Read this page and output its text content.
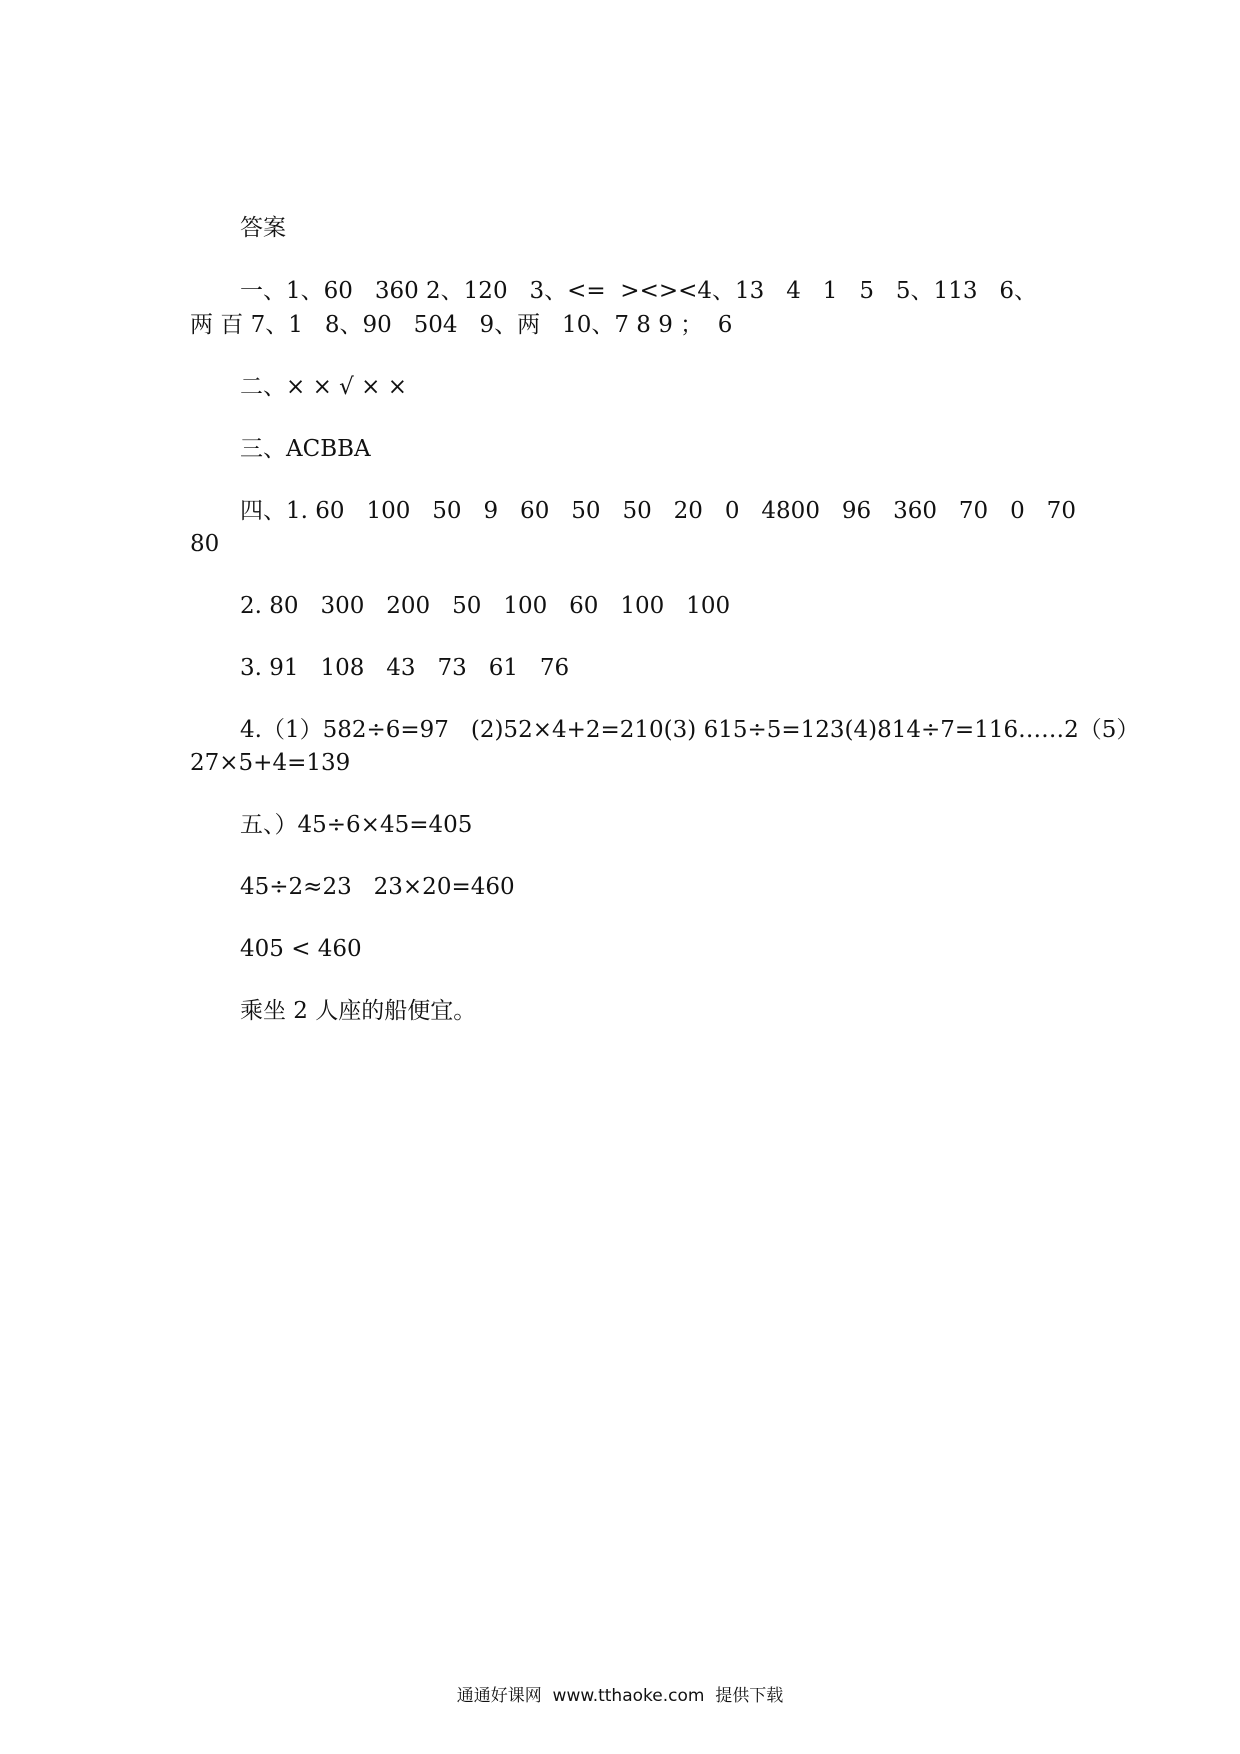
答案
一、1、60   360 2、120   3、<=  ><><4、13   4   1   5   5、113   6、
两 百 7、1   8、90   504   9、两   10、7 8 9 ；  6
二、× × √ × ×
三、ACBBA
四、1. 60   100   50   9   60   50   50   20   0   4800   96   360   70   0   70
80
2. 80   300   200   50   100   60   100   100
3. 91   108   43   73   61   76
4.（1）582÷6=97   (2)52×4+2=210(3) 615÷5=123(4)814÷7=116……2（5）
27×5+4=139
五、）45÷6×45=405
45÷2≈23   23×20=460
405 < 460
乘坐 2 人座的船便宜。
通通好课网  www.tthaoke.com  提供下载
